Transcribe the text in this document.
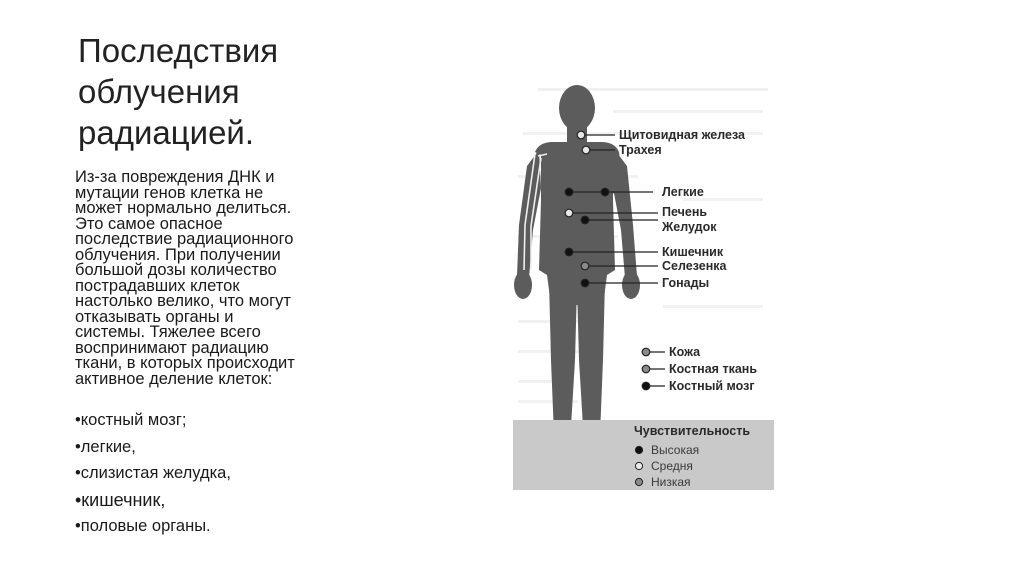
Последствия
облучения
радиацией.
Из-за повреждения ДНК и
мутации генов клетка не
может нормально делиться.
Это самое опасное
последствие радиационного
облучения. При получении
большой дозы количество
пострадавших клеток
настолько велико, что могут
отказывать органы и
системы. Тяжелее всего
воспринимают радиацию
ткани, в которых происходит
активное деление клеток:
•костный мозг;
•легкие,
•слизистая желудка,
•кишечник,
•половые органы.
Щитовидная железа
Трахея
Легкие
Печень
Желудок
Кишечник
Селезенка
Гонады
Кожа
Костная ткань
Костный мозг
Чувствительность
Высокая
Средня
Низкая
